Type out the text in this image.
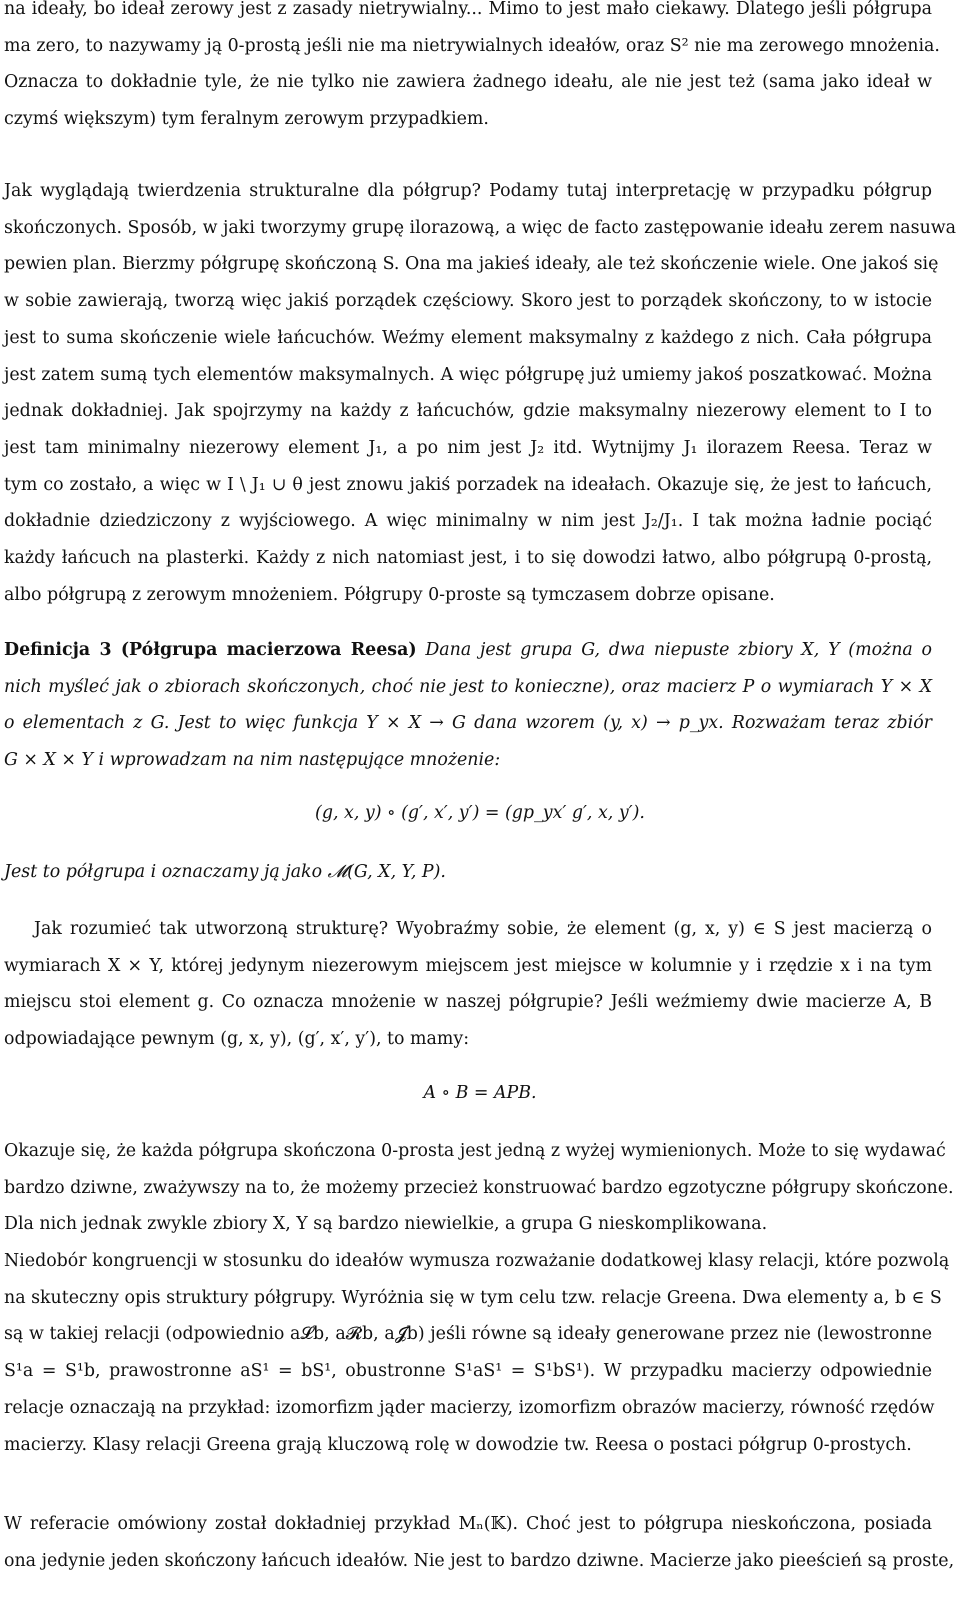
na ideały, bo ideał zerowy jest z zasady nietrywialny... Mimo to jest mało ciekawy. Dlatego jeśli półgrupa
ma zero, to nazywamy ją 0-prostą jeśli nie ma nietrywialnych ideałów, oraz S² nie ma zerowego mnożenia.
Oznacza to dokładnie tyle, że nie tylko nie zawiera żadnego ideału, ale nie jest też (sama jako ideał w
czymś większym) tym feralnym zerowym przypadkiem.
Jak wyglądają twierdzenia strukturalne dla półgrup? Podamy tutaj interpretację w przypadku półgrup
skończonych. Sposób, w jaki tworzymy grupę ilorazową, a więc de facto zastępowanie ideału zerem nasuwa
pewien plan. Bierzmy półgrupę skończoną S. Ona ma jakieś ideały, ale też skończenie wiele. One jakoś się
w sobie zawierają, tworzą więc jakiś porządek częściowy. Skoro jest to porządek skończony, to w istocie
jest to suma skończenie wiele łańcuchów. Weźmy element maksymalny z każdego z nich. Cała półgrupa
jest zatem sumą tych elementów maksymalnych. A więc półgrupę już umiemy jakoś poszatkować. Można
jednak dokładniej. Jak spojrzymy na każdy z łańcuchów, gdzie maksymalny niezerowy element to I to
jest tam minimalny niezerowy element J₁, a po nim jest J₂ itd. Wytnijmy J₁ ilorazem Reesa. Teraz w
tym co zostało, a więc w I \ J₁ ∪ θ jest znowu jakiś porzadek na ideałach. Okazuje się, że jest to łańcuch,
dokładnie dziedziczony z wyjściowego. A więc minimalny w nim jest J₂/J₁. I tak można ładnie pociąć
każdy łańcuch na plasterki. Każdy z nich natomiast jest, i to się dowodzi łatwo, albo półgrupą 0-prostą,
albo półgrupą z zerowym mnożeniem. Półgrupy 0-proste są tymczasem dobrze opisane.
Definicja 3 (Półgrupa macierzowa Reesa) Dana jest grupa G, dwa niepuste zbiory X, Y (można o
nich myśleć jak o zbiorach skończonych, choć nie jest to konieczne), oraz macierz P o wymiarach Y × X
o elementach z G. Jest to więc funkcja Y × X → G dana wzorem (y, x) → p_yx. Rozważam teraz zbiór
G × X × Y i wprowadzam na nim następujące mnożenie:

(g, x, y) ∘ (g′, x′, y′) = (gp_yx′ g′, x, y′).

Jest to półgrupa i oznaczamy ją jako 𝓜(G, X, Y, P).
Jak rozumieć tak utworzoną strukturę? Wyobraźmy sobie, że element (g, x, y) ∈ S jest macierzą o
wymiarach X × Y, której jedynym niezerowym miejscem jest miejsce w kolumnie y i rzędzie x i na tym
miejscu stoi element g. Co oznacza mnożenie w naszej półgrupie? Jeśli weźmiemy dwie macierze A, B
odpowiadające pewnym (g, x, y), (g′, x′, y′), to mamy:

A ∘ B = APB.

Okazuje się, że każda półgrupa skończona 0-prosta jest jedną z wyżej wymienionych. Może to się wydawać
bardzo dziwne, zważywszy na to, że możemy przecież konstruować bardzo egzotyczne półgrupy skończone.
Dla nich jednak zwykle zbiory X, Y są bardzo niewielkie, a grupa G nieskomplikowana.
Niedobór kongruencji w stosunku do ideałów wymusza rozważanie dodatkowej klasy relacji, które pozwolą
na skuteczny opis struktury półgrupy. Wyróżnia się w tym celu tzw. relacje Greena. Dwa elementy a, b ∈ S
są w takiej relacji (odpowiednio a𝓛b, a𝓡b, a𝓙b) jeśli równe są ideały generowane przez nie (lewostronne
S¹a = S¹b, prawostronne aS¹ = bS¹, obustronne S¹aS¹ = S¹bS¹). W przypadku macierzy odpowiednie
relacje oznaczają na przykład: izomorfizm jąder macierzy, izomorfizm obrazów macierzy, równość rzędów
macierzy. Klasy relacji Greena grają kluczową rolę w dowodzie tw. Reesa o postaci półgrup 0-prostych.
W referacie omówiony został dokładniej przykład Mₙ(𝕂). Choć jest to półgrupa nieskończona, posiada
ona jedynie jeden skończony łańcuch ideałów. Nie jest to bardzo dziwne. Macierze jako pieeścień są proste,
